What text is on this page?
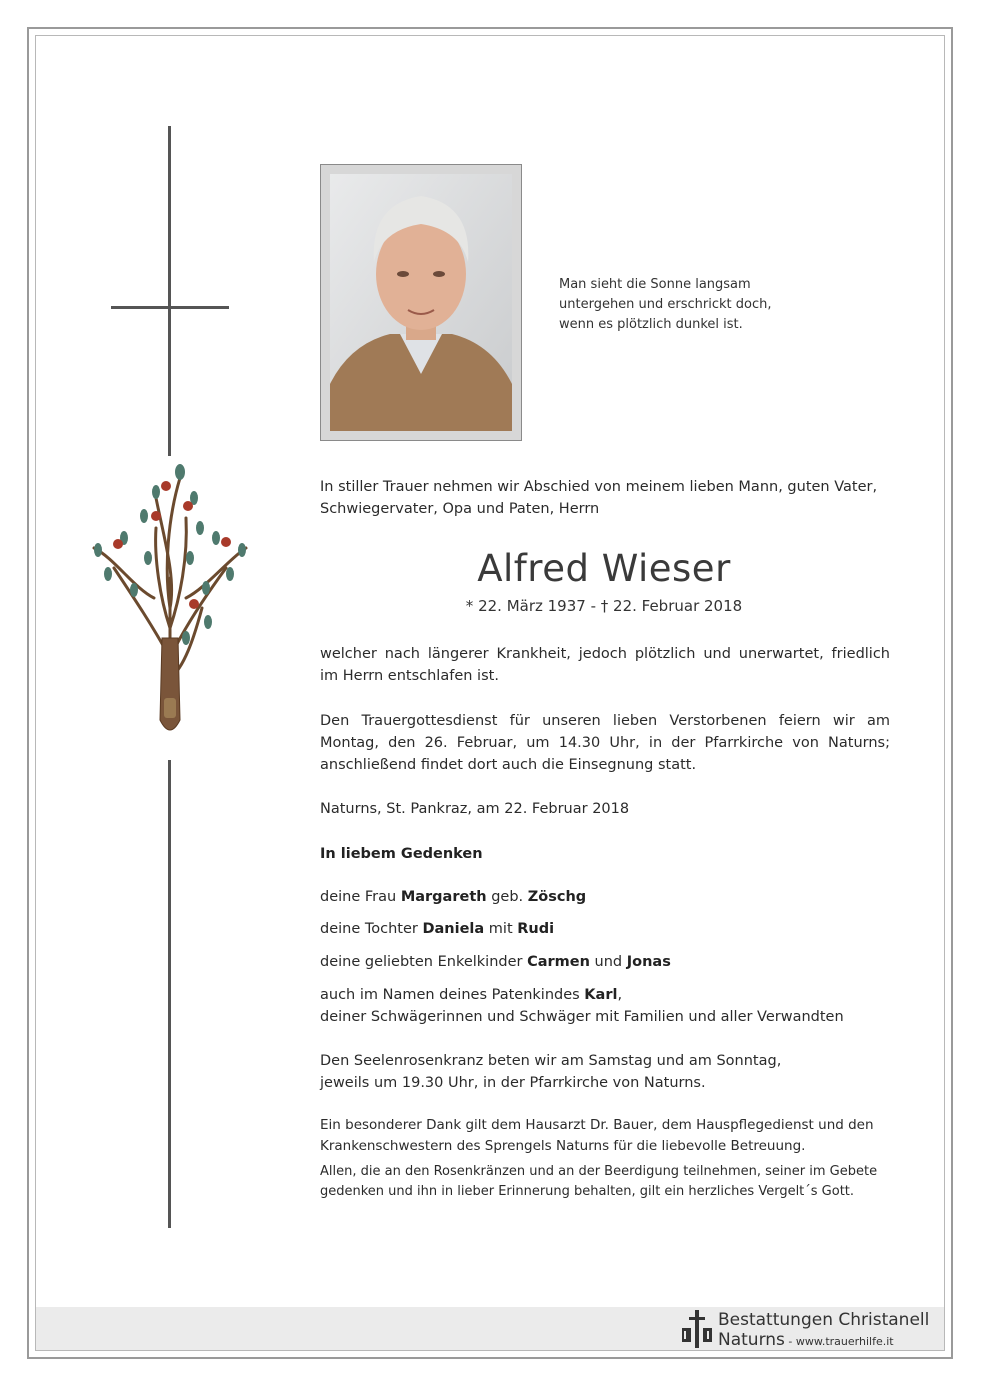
Man sieht die Sonne langsam
untergehen und erschrickt doch,
wenn es plötzlich dunkel ist.
In stiller Trauer nehmen wir Abschied von meinem lieben Mann, guten Vater,
Schwiegervater, Opa und Paten, Herrn
Alfred Wieser
* 22. März 1937 - † 22. Februar 2018
welcher nach längerer Krankheit, jedoch plötzlich und unerwartet, friedlich
im Herrn entschlafen ist.
Den Trauergottesdienst für unseren lieben Verstorbenen feiern wir am
Montag, den 26. Februar, um 14.30 Uhr, in der Pfarrkirche von Naturns;
anschließend findet dort auch die Einsegnung statt.
Naturns, St. Pankraz, am 22. Februar 2018
In liebem Gedenken
deine Frau Margareth geb. Zöschg
deine Tochter Daniela mit Rudi
deine geliebten Enkelkinder Carmen und Jonas
auch im Namen deines Patenkindes Karl,
deiner Schwägerinnen und Schwäger mit Familien und aller Verwandten
Den Seelenrosenkranz beten wir am Samstag und am Sonntag,
jeweils um 19.30 Uhr, in der Pfarrkirche von Naturns.
Ein besonderer Dank gilt dem Hausarzt Dr. Bauer, dem Hauspflegedienst und den
Krankenschwestern des Sprengels Naturns für die liebevolle Betreuung.
Allen, die an den Rosenkränzen und an der Beerdigung teilnehmen, seiner im Gebete
gedenken und ihn in lieber Erinnerung behalten, gilt ein herzliches Vergelt´s Gott.
Bestattungen Christanell
Naturns - www.trauerhilfe.it
